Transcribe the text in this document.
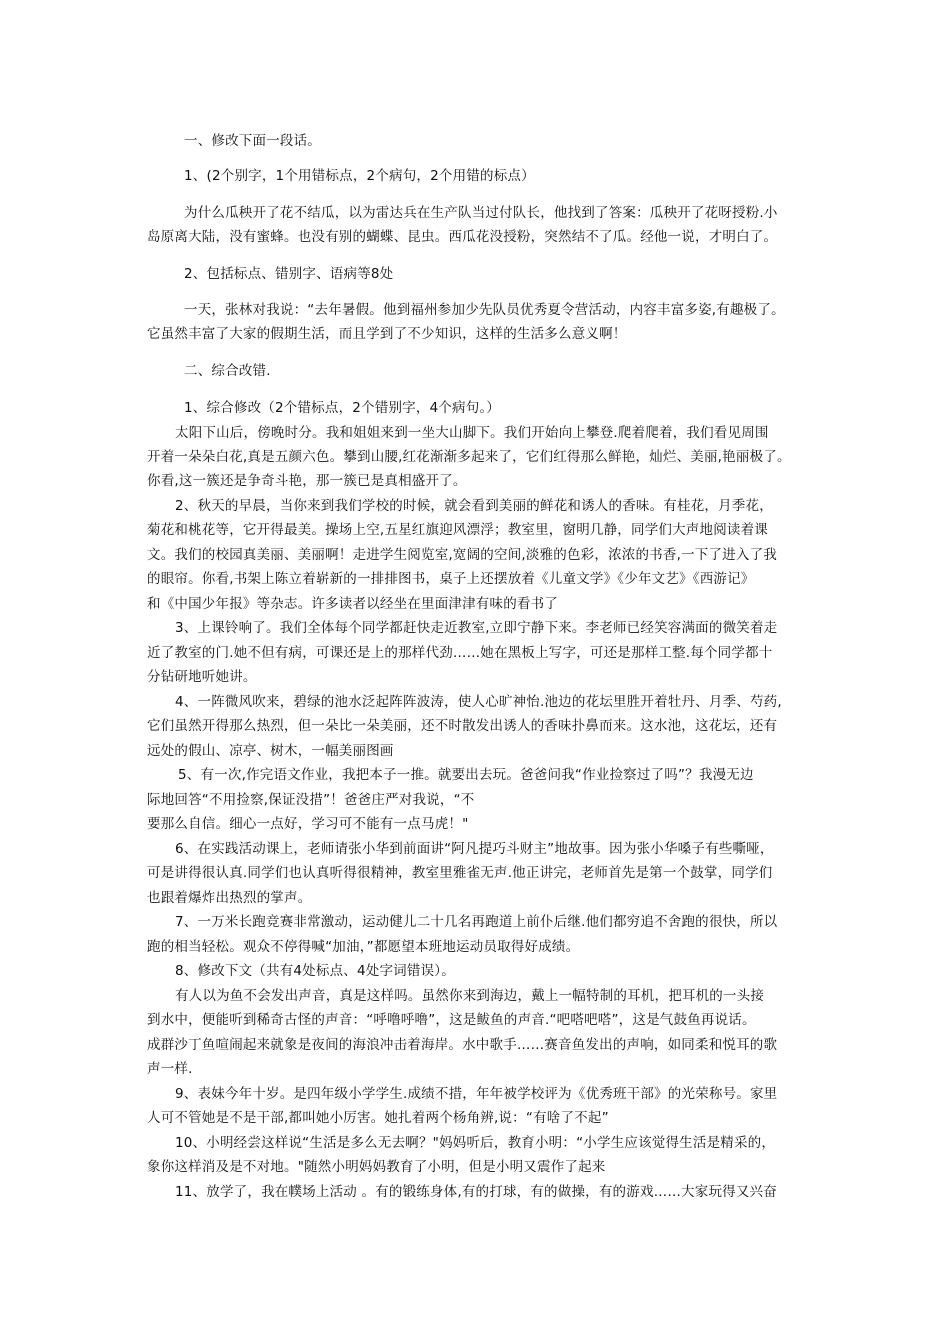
一、修改下面一段话。
1、(2个别字，1个用错标点，2个病句，2个用错的标点）
为什么瓜秧开了花不结瓜，以为雷达兵在生产队当过付队长，他找到了答案：瓜秧开了花呀授粉.小
岛原离大陆，没有蜜蜂。也没有别的蝴蝶、昆虫。西瓜花没授粉，突然结不了瓜。经他一说，才明白了。
2、包括标点、错别字、语病等8处
一天，张林对我说：“去年暑假。他到福州参加少先队员优秀夏令营活动，内容丰富多姿,有趣极了。
它虽然丰富了大家的假期生活，而且学到了不少知识，这样的生活多么意义啊！
二、综合改错.
1、综合修改（2个错标点，2个错别字，4个病句。）
太阳下山后，傍晚时分。我和姐姐来到一坐大山脚下。我们开始向上攀登.爬着爬着，我们看见周围
开着一朵朵白花,真是五颜六色。攀到山腰,红花渐渐多起来了，它们红得那么鲜艳，灿烂、美丽,艳丽极了。
你看,这一簇还是争奇斗艳，那一簇已是真相盛开了。
2、秋天的早晨，当你来到我们学校的时候，就会看到美丽的鲜花和诱人的香味。有桂花，月季花，
菊花和桃花等，它开得最美。操场上空,五星红旗迎风漂浮；教室里，窗明几静，同学们大声地阅读着课
文。我们的校园真美丽、美丽啊！走进学生阅览室,宽阔的空间,淡雅的色彩，浓浓的书香,一下了进入了我
的眼帘。你看,书架上陈立着崭新的一排排图书，桌子上还摆放着《儿童文学》《少年文艺》《西游记》
和《中国少年报》等杂志。许多读者以经坐在里面津津有味的看书了
3、上课铃响了。我们全体每个同学都赶快走近教室,立即宁静下来。李老师已经笑容满面的微笑着走
近了教室的门.她不但有病，可课还是上的那样代劲……她在黑板上写字，可还是那样工整.每个同学都十
分钻研地听她讲。
4、一阵微风吹来，碧绿的池水泛起阵阵波涛，使人心旷神怡.池边的花坛里胜开着牡丹、月季、芍药,
它们虽然开得那么热烈，但一朵比一朵美丽，还不时散发出诱人的香味扑鼻而来。这水池，这花坛，还有
远处的假山、凉亭、树木，一幅美丽图画
5、有一次,作完语文作业，我把本子一推。就要出去玩。爸爸问我“作业捡察过了吗”？我漫无边
际地回答“不用捡察,保证没措”！爸爸庄严对我说，“不
要那么自信。细心一点好，学习可不能有一点马虎！"
6、在实践活动课上，老师请张小华到前面讲“阿凡提巧斗财主”地故事。因为张小华嗓子有些嘶哑，
可是讲得很认真.同学们也认真听得很精神，教室里雅雀无声.他正讲完，老师首先是第一个鼓掌，同学们
也跟着爆炸出热烈的掌声。
7、一万米长跑竞赛非常激动，运动健儿二十几名再跑道上前仆后继.他们都穷追不舍跑的很快，所以
跑的相当轻松。观众不停得喊“加油，”都愿望本班地运动员取得好成绩。
8、修改下文（共有4处标点、4处字词错误）。
有人以为鱼不会发出声音，真是这样吗。虽然你来到海边，戴上一幅特制的耳机，把耳机的一头接
到水中，便能听到稀奇古怪的声音：“呼噜呼噜”，这是鲅鱼的声音.“吧嗒吧嗒”，这是气鼓鱼再说话。
成群沙丁鱼喧闹起来就象是夜间的海浪冲击着海岸。水中歌手……赛音鱼发出的声响，如同柔和悦耳的歌
声一样.
9、表妹今年十岁。是四年级小学学生.成绩不措，年年被学校评为《优秀班干部》的光荣称号。家里
人可不管她是不是干部,都叫她小厉害。她扎着两个杨角辨,说：“有啥了不起”
10、小明经尝这样说“生活是多么无去啊？"妈妈听后，教育小明：“小学生应该觉得生活是精采的，
象你这样消及是不对地。"随然小明妈妈教育了小明，但是小明又震作了起来
11、放学了，我在幞场上活动 。有的锻练身体,有的打球，有的做操，有的游戏……大家玩得又兴奋
